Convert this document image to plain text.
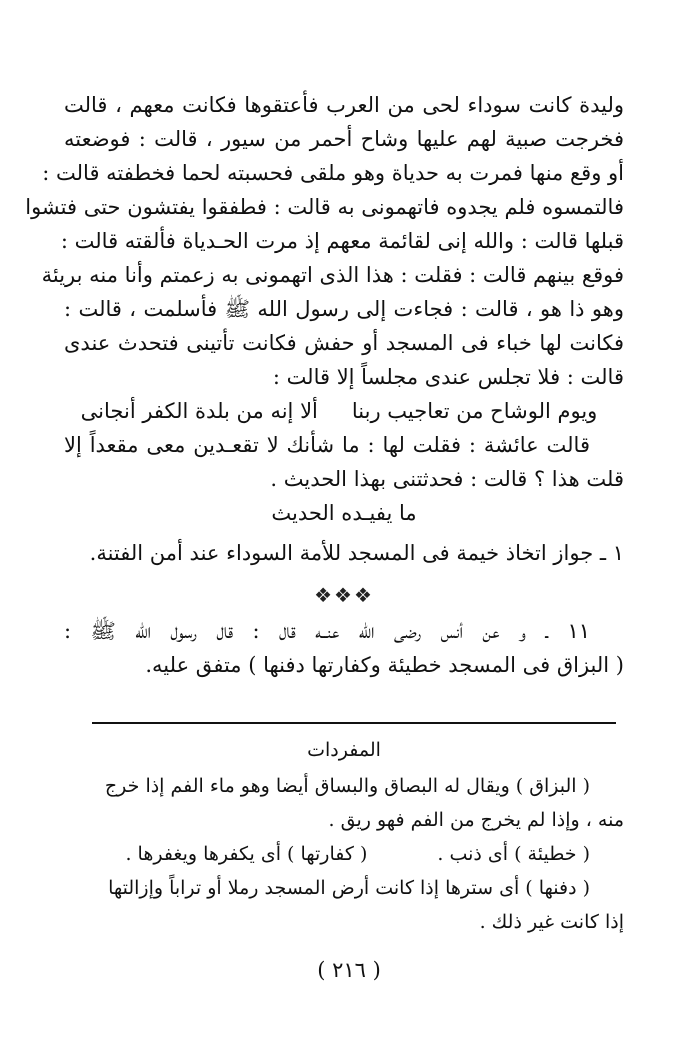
وليدة كانت سوداء لحى من العرب فأعتقوها فكانت معهم ، قالت
فخرجت صبية لهم عليها وشاح أحمر من سيور ، قالت : فوضعته
أو وقع منها فمرت به حدياة وهو ملقى فحسبته لحما فخطفته قالت :
فالتمسوه فلم يجدوه فاتهمونى به قالت : فطفقوا يفتشون حتى فتشوا
قبلها قالت : والله إنى لقائمة معهم إذ مرت الحـدياة فألقته قالت :
فوقع بينهم قالت : فقلت : هذا الذى اتهمونى به زعمتم وأنا منه بريئة
وهو ذا هو ، قالت : فجاءت إلى رسول الله ﷺ فأسلمت ، قالت :
فكانت لها خباء فى المسجد أو حفش فكانت تأتينى فتحدث عندى
قالت : فلا تجلس عندى مجلساً إلا قالت :
ويوم الوشاح من تعاجيب ربنا
ألا إنه من بلدة الكفر أنجانى
قالت عائشة : فقلت لها : ما شأنك لا تقعـدين معى مقعداً إلا
قلت هذا ؟ قالت : فحدثتنى بهذا الحديث .
ما يفيـده الحديث
١ ـ جواز اتخاذ خيمة فى المسجد للأمة السوداء عند أمن الفتنة.
❖❖❖
١١ ـ و عن أنس رضى الله عنــه قال : قال رسول الله ﷺ :
( البزاق فى المسجد خطيئة وكفارتها دفنها ) متفق عليه.
المفردات
( البزاق ) ويقال له البصاق والبساق أيضا وهو ماء الفم إذا خرج
منه ، وإذا لم يخرج من الفم فهو ريق .
( خطيئة ) أى ذنب .
( كفارتها ) أى يكفرها ويغفرها .
( دفنها ) أى سترها إذا كانت أرض المسجد رملا أو تراباً وإزالتها
إذا كانت غير ذلك .
( ٢١٦ )
